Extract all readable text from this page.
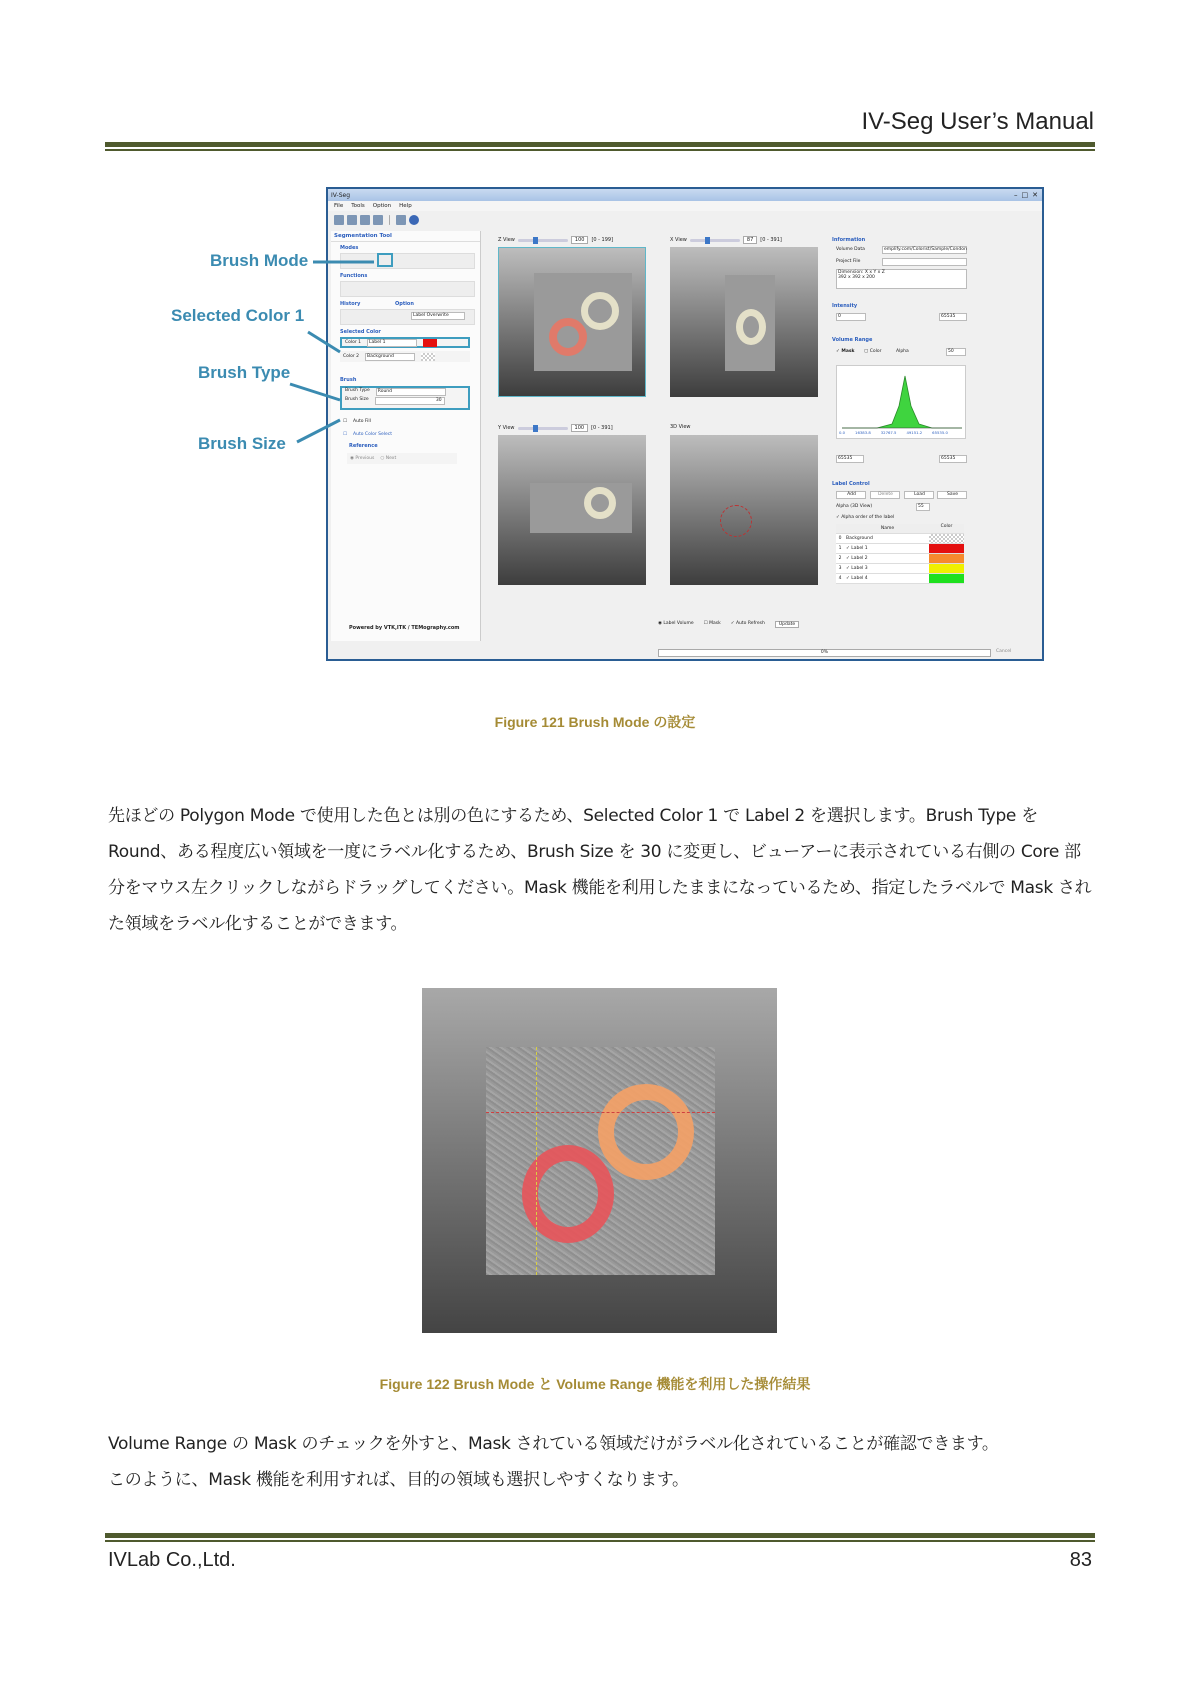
IV-Seg User’s Manual
IV-Seg	– □ ✕
File Tools Option Help
Segmentation Tool
Modes
Functions
History	Option
Label Overwrite
Selected Color
Color 1	Label 1
Color 2	Background
Brush
Brush Type	Round
Brush Size	30
☐ Auto Fill
☐ Auto Color Select
Reference
◉ Previous ○ Next
Powered by VTK,ITK / TEMography.com
Z View	100	[0 - 199]	X View	87	[0 - 391]
Y View	100	[0 - 391]	3D View
Information
Volume Data	emplify.com/Colorist/Sample/Condon
Project File
Dimension: X x Y x Z
392 x 392 x 200
Intensity
0	65535
Volume Range
✓ Mask ▢ Color	Alpha	50
0.0	16383.8	32767.5	49151.2	65535.0
65535	65535
Label Control
Add	Delete	Load	Save
Alpha (3D View)	55
✓ Alpha order of the label
Name	Color
0	Background
1	✓ Label 1
2	✓ Label 2
3	✓ Label 3
4	✓ Label 4
◉ Label Volume ☐ Mask ✓ Auto Refresh	Update
0%	Cancel
Brush Mode
Selected Color 1
Brush Type
Brush Size
Figure 121 Brush Mode の設定
先ほどの Polygon Mode で使用した色とは別の色にするため、Selected Color 1 で Label 2 を選択します。Brush Type を Round、ある程度広い領域を一度にラベル化するため、Brush Size を 30 に変更し、ビューアーに表示されている右側の Core 部分をマウス左クリックしながらドラッグしてください。Mask 機能を利用したままになっているため、指定したラベルで Mask された領域をラベル化することができます。
Figure 122 Brush Mode と Volume Range 機能を利用した操作結果
Volume Range の Mask のチェックを外すと、Mask されている領域だけがラベル化されていることが確認できます。
このように、Mask 機能を利用すれば、目的の領域も選択しやすくなります。
IVLab Co.,Ltd.	83
